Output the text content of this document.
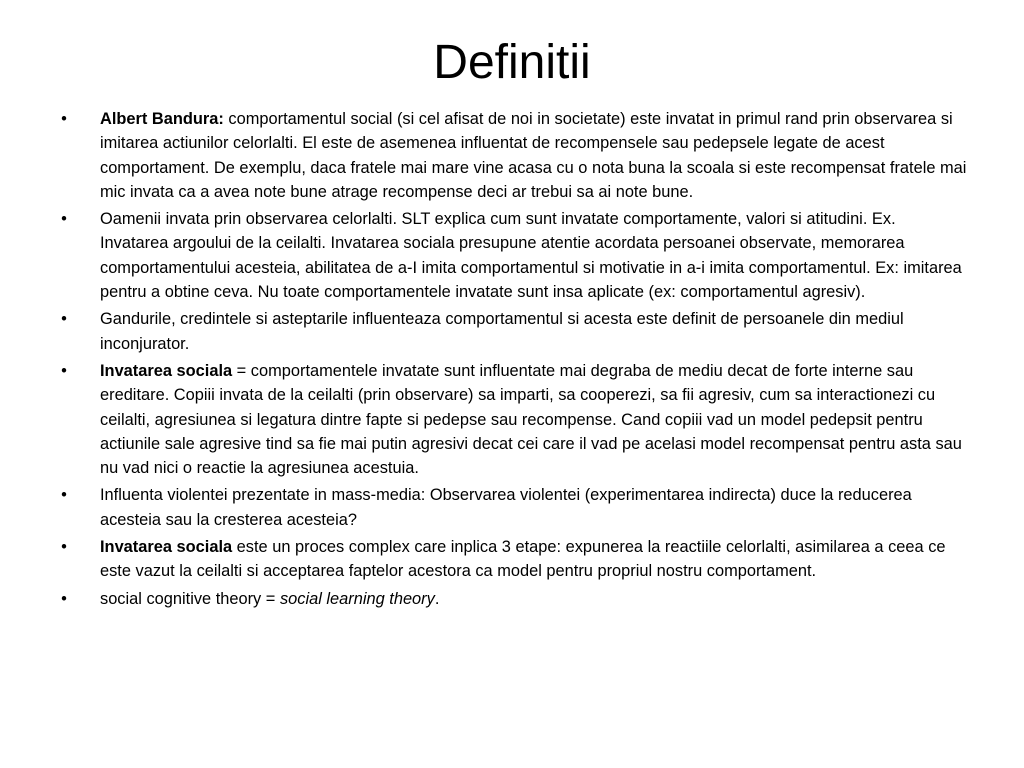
Definitii
• Albert Bandura: comportamentul social (si cel afisat de noi in societate) este invatat in primul rand prin observarea si imitarea actiunilor celorlalti. El este de asemenea influentat de recompensele sau pedepsele legate de acest comportament. De exemplu, daca fratele mai mare vine acasa cu o nota buna la scoala si este recompensat fratele mai mic invata ca a avea note bune atrage recompense deci ar trebui sa ai note bune.
• Oamenii invata prin observarea celorlalti. SLT explica cum sunt invatate comportamente, valori si atitudini. Ex. Invatarea argoului de la ceilalti. Invatarea sociala presupune atentie acordata persoanei observate, memorarea comportamentului acesteia, abilitatea de a-I imita comportamentul si motivatie in a-i imita comportamentul. Ex: imitarea pentru a obtine ceva. Nu toate comportamentele invatate sunt insa aplicate (ex: comportamentul agresiv).
• Gandurile, credintele si asteptarile influenteaza comportamentul si acesta este definit de persoanele din mediul inconjurator.
• Invatarea sociala = comportamentele invatate sunt influentate mai degraba de mediu decat de forte interne sau ereditare. Copiii invata de la ceilalti (prin observare) sa imparti, sa cooperezi, sa fii agresiv, cum sa interactionezi cu ceilalti, agresiunea si legatura dintre fapte si pedepse sau recompense. Cand copiii vad un model pedepsit pentru actiunile sale agresive tind sa fie mai putin agresivi decat cei care il vad pe acelasi model recompensat pentru asta sau nu vad nici o reactie la agresiunea acestuia.
• Influenta violentei prezentate in mass-media: Observarea violentei (experimentarea indirecta) duce la reducerea acesteia sau la cresterea acesteia?
• Invatarea sociala este un proces complex care inplica 3 etape: expunerea la reactiile celorlalti, asimilarea a ceea ce este vazut la ceilalti si acceptarea faptelor acestora ca model pentru propriul nostru comportament.
• social cognitive theory = social learning theory.
